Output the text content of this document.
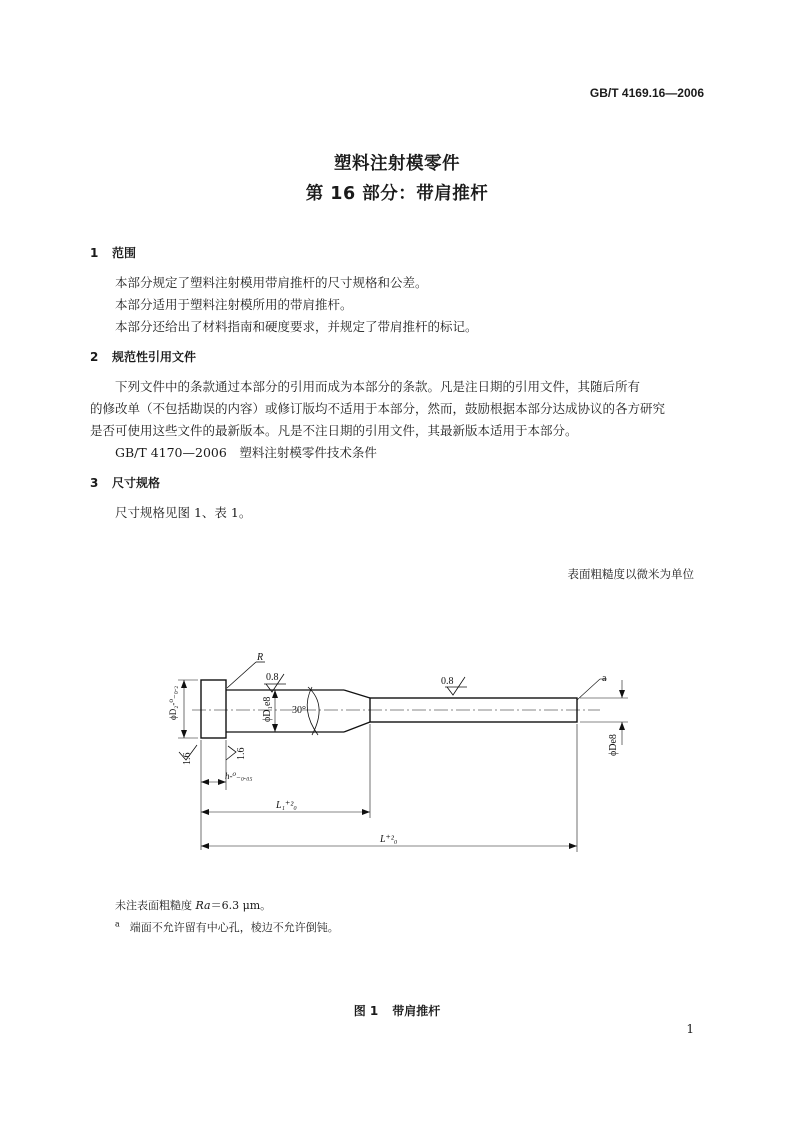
GB/T 4169.16—2006
塑料注射模零件
第 16 部分：带肩推杆
1 范围
本部分规定了塑料注射模用带肩推杆的尺寸规格和公差。
本部分适用于塑料注射模所用的带肩推杆。
本部分还给出了材料指南和硬度要求，并规定了带肩推杆的标记。
2 规范性引用文件
下列文件中的条款通过本部分的引用而成为本部分的条款。凡是注日期的引用文件，其随后所有
的修改单（不包括勘误的内容）或修订版均不适用于本部分，然而，鼓励根据本部分达成协议的各方研究
是否可使用这些文件的最新版本。凡是不注日期的引用文件，其最新版本适用于本部分。
GB/T 4170—2006　塑料注射模零件技术条件
3 尺寸规格
尺寸规格见图 1、表 1。
表面粗糙度以微米为单位
R
0.8	0.8
30°
a
h-⁰₋₀.₀₅
L₁⁺²₀
L⁺²₀
ϕD₂-⁰₋₀.₂	ϕD₁e8
ϕDe8
1.6	1.6
未注表面粗糙度 Ra＝6.3 μm。
$^a$ 端面不允许留有中心孔，棱边不允许倒钝。
图 1 带肩推杆
1
